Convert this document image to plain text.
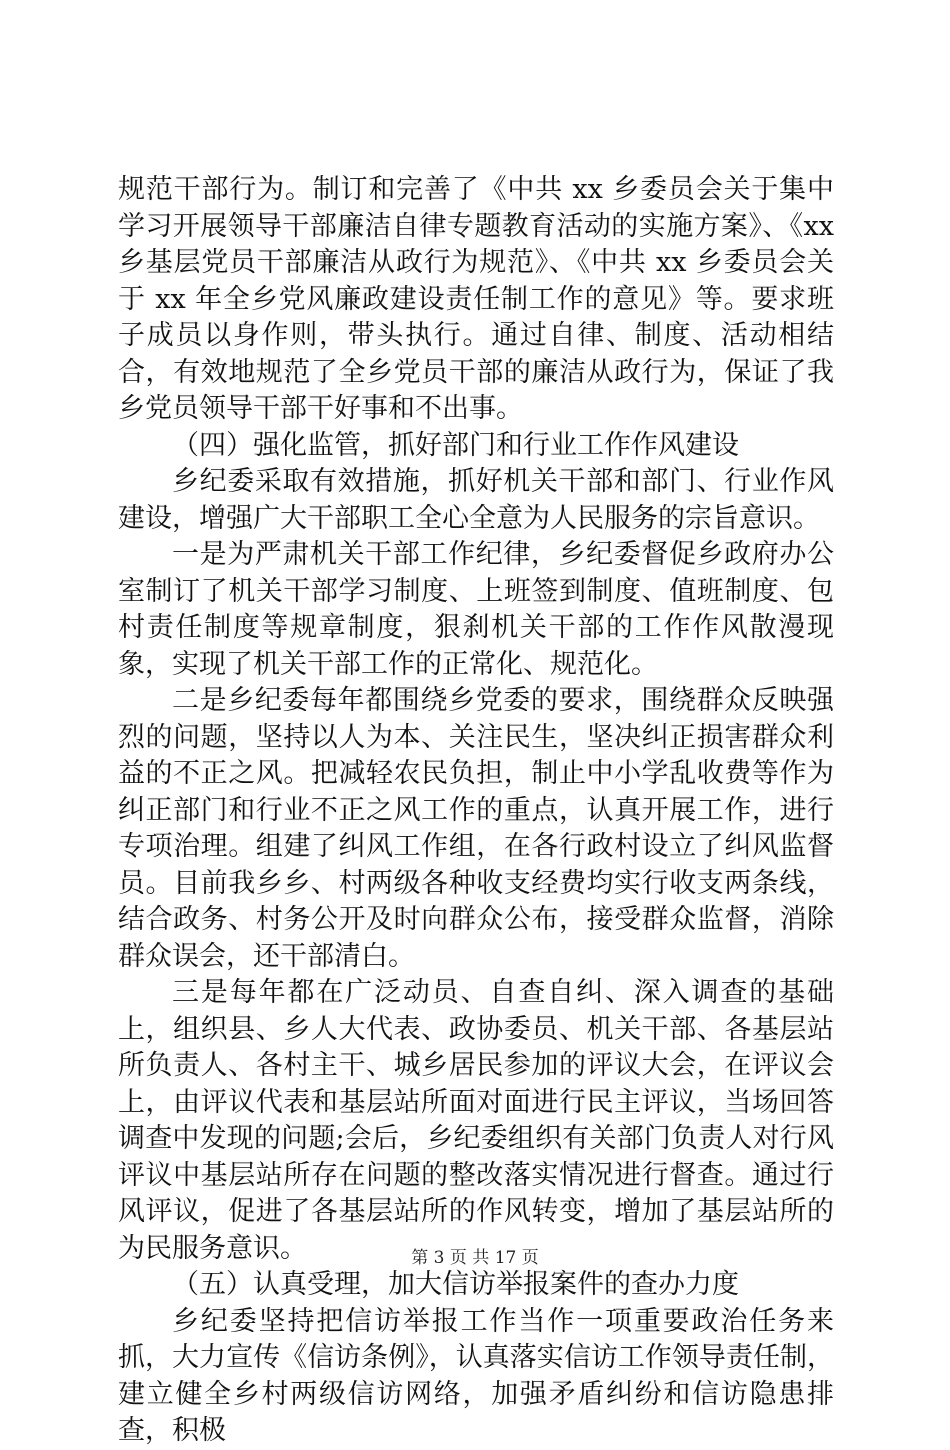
规范干部行为。制订和完善了《中共 xx 乡委员会关于集中学习开展领导干部廉洁自律专题教育活动的实施方案》、《xx 乡基层党员干部廉洁从政行为规范》、《中共 xx 乡委员会关于 xx 年全乡党风廉政建设责任制工作的意见》等。要求班子成员以身作则，带头执行。通过自律、制度、活动相结合，有效地规范了全乡党员干部的廉洁从政行为，保证了我乡党员领导干部干好事和不出事。

（四）强化监管，抓好部门和行业工作作风建设

乡纪委采取有效措施，抓好机关干部和部门、行业作风建设，增强广大干部职工全心全意为人民服务的宗旨意识。

一是为严肃机关干部工作纪律，乡纪委督促乡政府办公室制订了机关干部学习制度、上班签到制度、值班制度、包村责任制度等规章制度，狠刹机关干部的工作作风散漫现象，实现了机关干部工作的正常化、规范化。

二是乡纪委每年都围绕乡党委的要求，围绕群众反映强烈的问题，坚持以人为本、关注民生，坚决纠正损害群众利益的不正之风。把减轻农民负担，制止中小学乱收费等作为纠正部门和行业不正之风工作的重点，认真开展工作，进行专项治理。组建了纠风工作组，在各行政村设立了纠风监督员。目前我乡乡、村两级各种收支经费均实行收支两条线，结合政务、村务公开及时向群众公布，接受群众监督，消除群众误会，还干部清白。

三是每年都在广泛动员、自查自纠、深入调查的基础上，组织县、乡人大代表、政协委员、机关干部、各基层站所负责人、各村主干、城乡居民参加的评议大会，在评议会上，由评议代表和基层站所面对面进行民主评议，当场回答调查中发现的问题;会后，乡纪委组织有关部门负责人对行风评议中基层站所存在问题的整改落实情况进行督查。通过行风评议，促进了各基层站所的作风转变，增加了基层站所的为民服务意识。

（五）认真受理，加大信访举报案件的查办力度

乡纪委坚持把信访举报工作当作一项重要政治任务来抓，大力宣传《信访条例》，认真落实信访工作领导责任制，建立健全乡村两级信访网络，加强矛盾纠纷和信访隐患排查，积极

第 3 页 共 17 页
